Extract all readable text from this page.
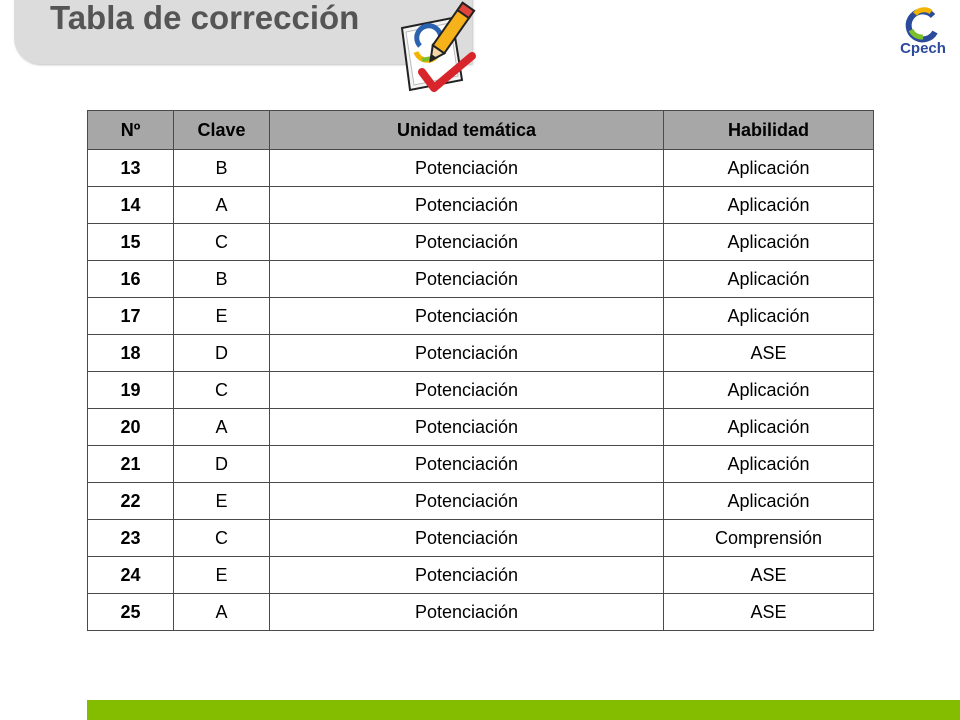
Tabla de corrección
Cpech
Nº	Clave	Unidad temática	Habilidad
13	B	Potenciación	Aplicación
14	A	Potenciación	Aplicación
15	C	Potenciación	Aplicación
16	B	Potenciación	Aplicación
17	E	Potenciación	Aplicación
18	D	Potenciación	ASE
19	C	Potenciación	Aplicación
20	A	Potenciación	Aplicación
21	D	Potenciación	Aplicación
22	E	Potenciación	Aplicación
23	C	Potenciación	Comprensión
24	E	Potenciación	ASE
25	A	Potenciación	ASE
